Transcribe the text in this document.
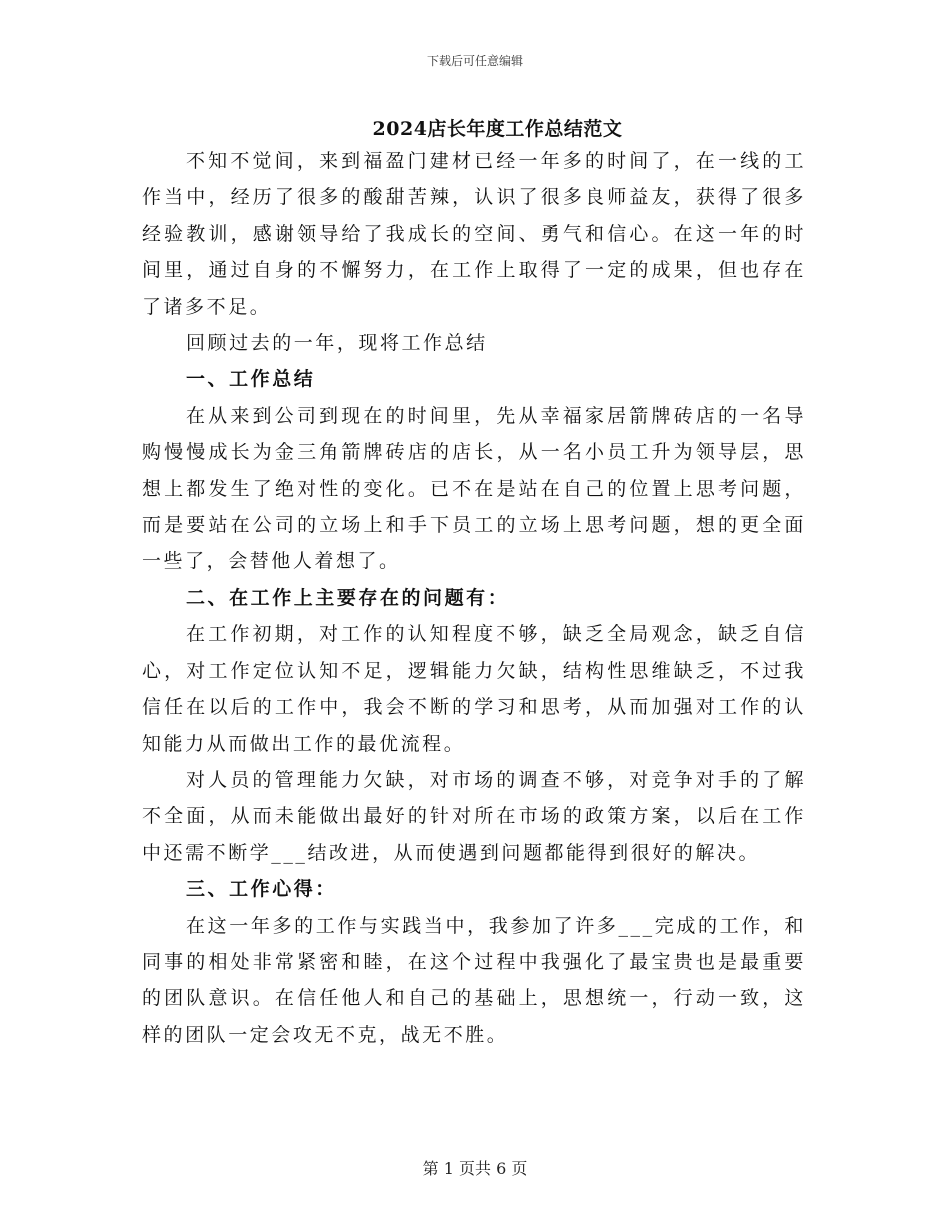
下载后可任意编辑
2024店长年度工作总结范文

不知不觉间，来到福盈门建材已经一年多的时间了，在一线的工作当中，经历了很多的酸甜苦辣，认识了很多良师益友，获得了很多经验教训，感谢领导给了我成长的空间、勇气和信心。在这一年的时间里，通过自身的不懈努力，在工作上取得了一定的成果，但也存在了诸多不足。

回顾过去的一年，现将工作总结

一、工作总结

在从来到公司到现在的时间里，先从幸福家居箭牌砖店的一名导购慢慢成长为金三角箭牌砖店的店长，从一名小员工升为领导层，思想上都发生了绝对性的变化。已不在是站在自己的位置上思考问题，而是要站在公司的立场上和手下员工的立场上思考问题，想的更全面一些了，会替他人着想了。

二、在工作上主要存在的问题有：

在工作初期，对工作的认知程度不够，缺乏全局观念，缺乏自信心，对工作定位认知不足，逻辑能力欠缺，结构性思维缺乏，不过我信任在以后的工作中，我会不断的学习和思考，从而加强对工作的认知能力从而做出工作的最优流程。

对人员的管理能力欠缺，对市场的调查不够，对竞争对手的了解不全面，从而未能做出最好的针对所在市场的政策方案，以后在工作中还需不断学___结改进，从而使遇到问题都能得到很好的解决。

三、工作心得：

在这一年多的工作与实践当中，我参加了许多___完成的工作，和同事的相处非常紧密和睦，在这个过程中我强化了最宝贵也是最重要的团队意识。在信任他人和自己的基础上，思想统一，行动一致，这样的团队一定会攻无不克，战无不胜。

第 1 页共 6 页
